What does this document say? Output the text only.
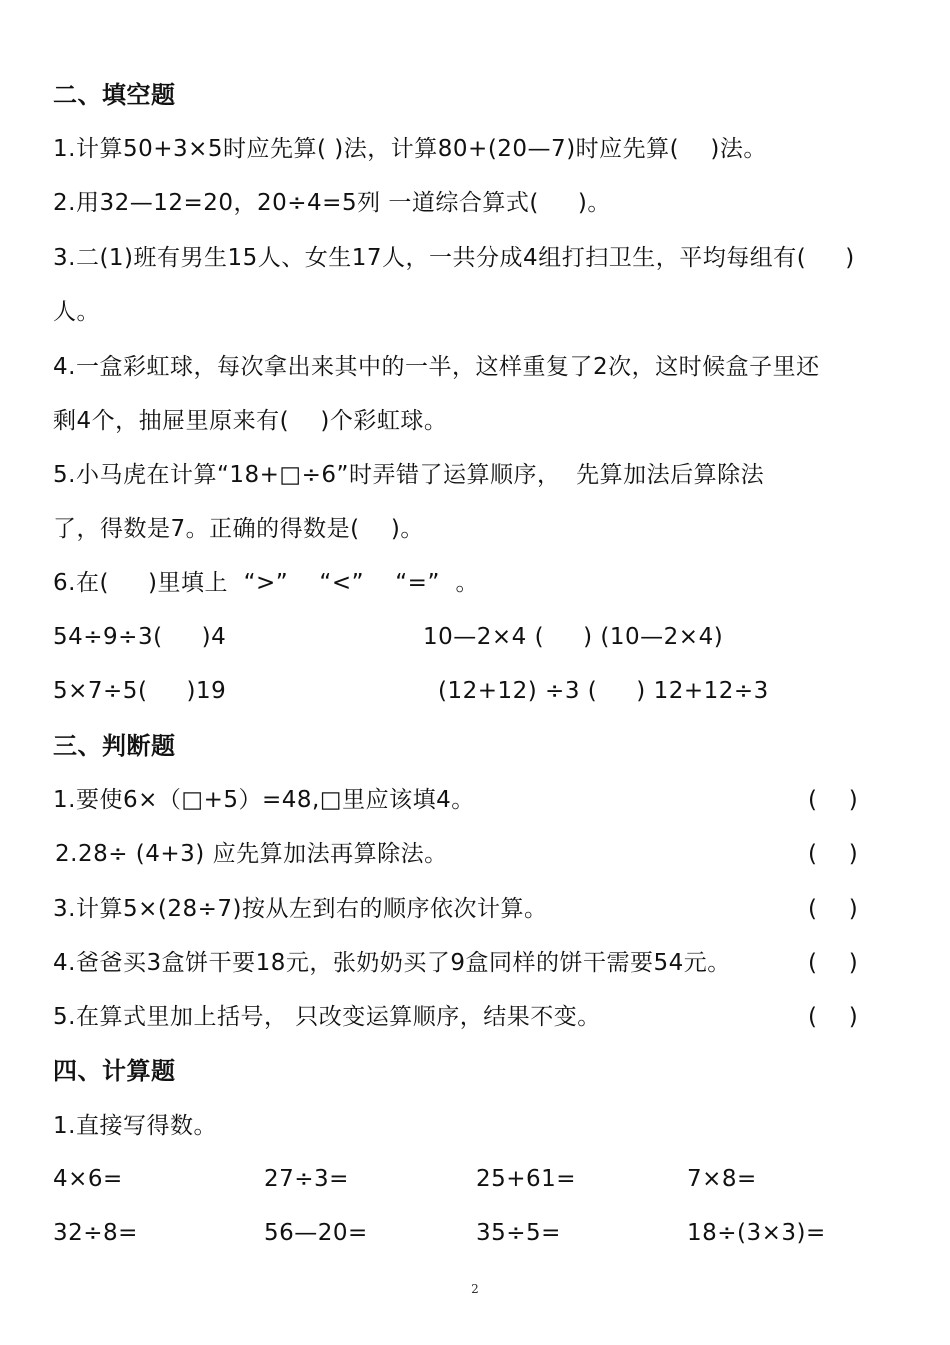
二、填空题
1.计算50+3×5时应先算( )法，计算80+(20—7)时应先算(    )法。
2.用32—12=20，20÷4=5列 一道综合算式(     )。
3.二(1)班有男生15人、女生17人，一共分成4组打扫卫生，平均每组有(     )
人。
4.一盒彩虹球，每次拿出来其中的一半，这样重复了2次，这时候盒子里还
剩4个，抽屉里原来有(    )个彩虹球。
5.小马虎在计算“18+□÷6”时弄错了运算顺序，  先算加法后算除法
了，得数是7。正确的得数是(    )。
6.在(     )里填上  “>”    “<”    “=”  。
54÷9÷3(     )4	10—2×4 (     ) (10—2×4)
5×7÷5(     )19	(12+12) ÷3 (     ) 12+12÷3
三、判断题
1.要使6×（□+5）=48,□里应该填4。	(    )
2.28÷ (4+3) 应先算加法再算除法。	(    )
3.计算5×(28÷7)按从左到右的顺序依次计算。	(    )
4.爸爸买3盒饼干要18元，张奶奶买了9盒同样的饼干需要54元。	(    )
5.在算式里加上括号， 只改变运算顺序，结果不变。	(    )
四、计算题
1.直接写得数。
4×6=	27÷3=	25+61=	7×8=
32÷8=	56—20=	35÷5=	18÷(3×3)=
2
